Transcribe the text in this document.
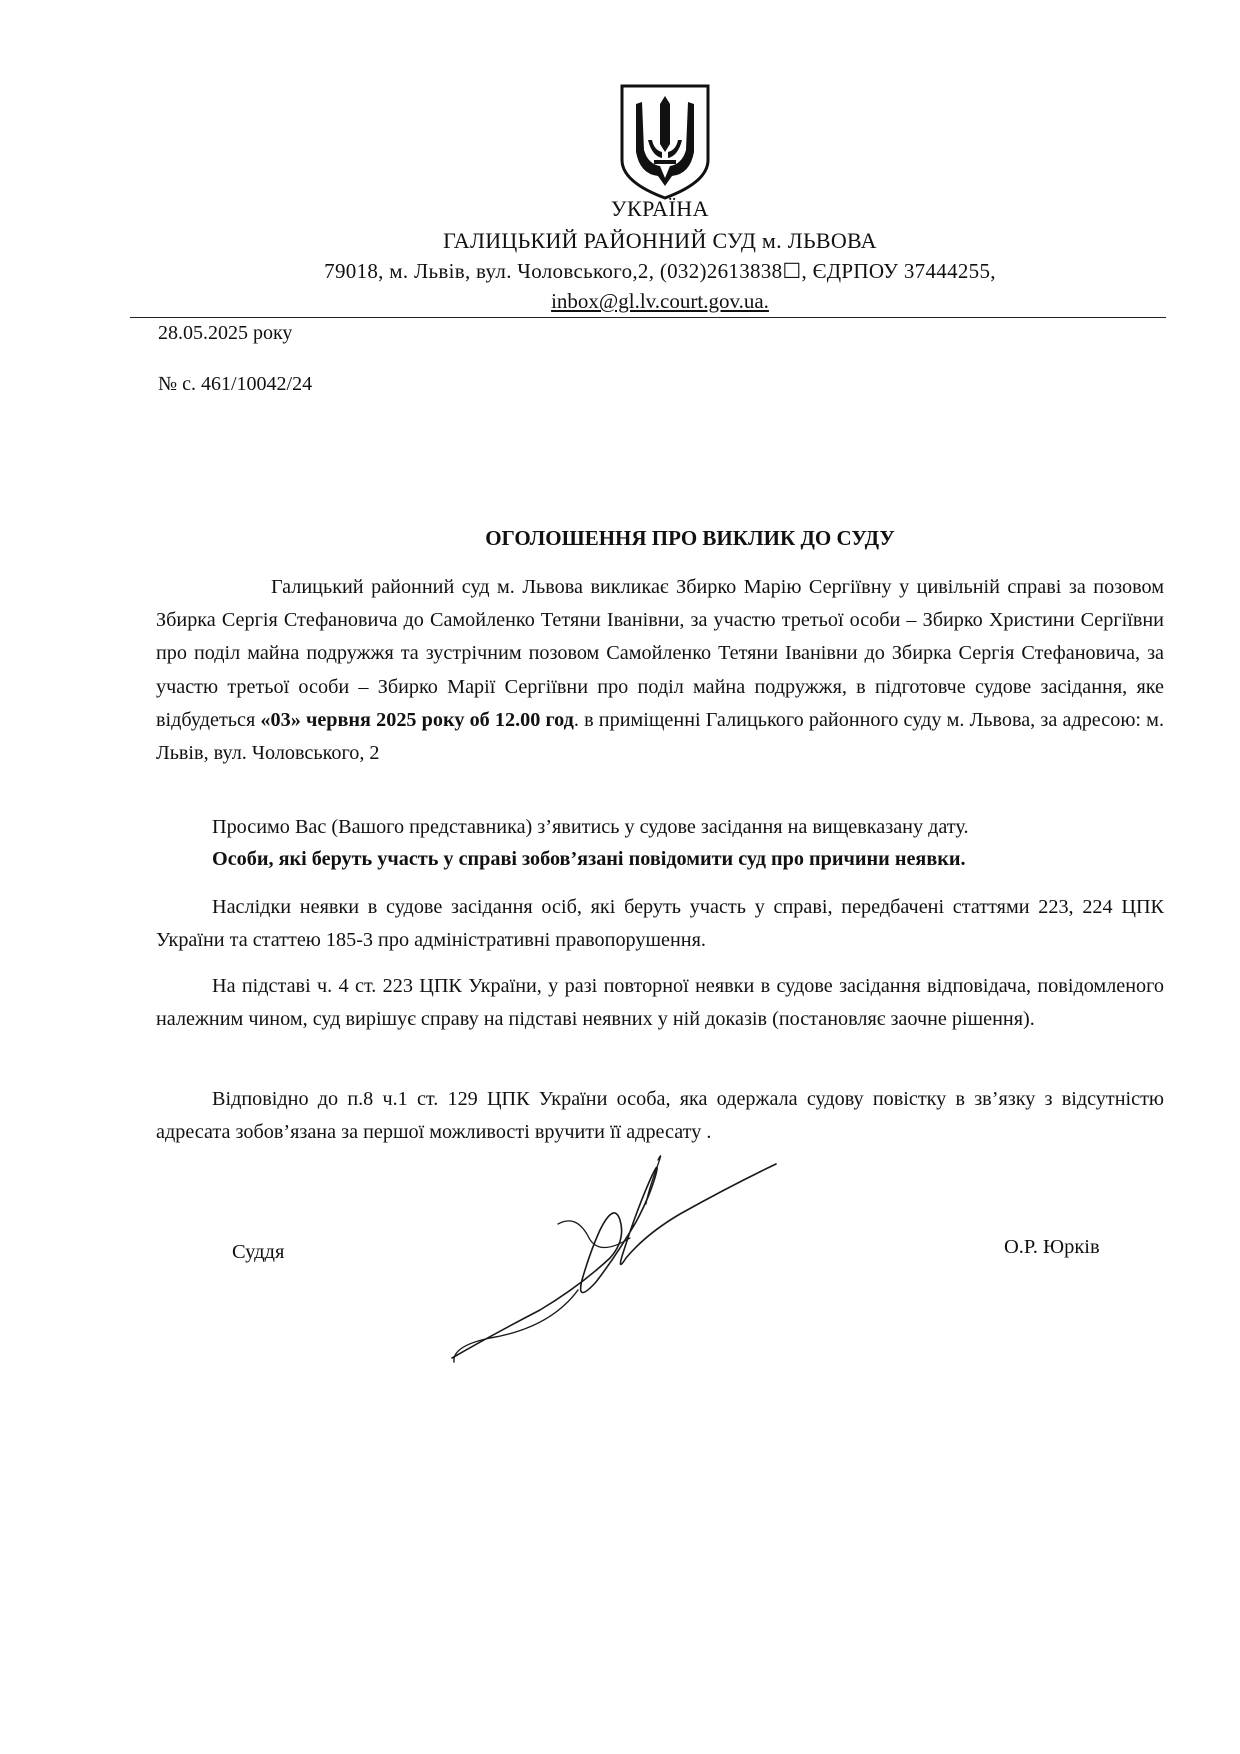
УКРАЇНА
ГАЛИЦЬКИЙ РАЙОННИЙ СУД м. ЛЬВОВА
79018, м. Львів, вул. Чоловського,2, (032)2613838☐, ЄДРПОУ 37444255,
inbox@gl.lv.court.gov.ua.
28.05.2025 року
№ с. 461/10042/24
ОГОЛОШЕННЯ ПРО ВИКЛИК ДО СУДУ
Галицький районний суд м. Львова викликає Збирко Марію Сергіївну у цивільній справі за позовом Збирка Сергія Стефановича до Самойленко Тетяни Іванівни, за участю третьої особи – Збирко Христини Сергіївни про поділ майна подружжя та зустрічним позовом Самойленко Тетяни Іванівни до Збирка Сергія Стефановича, за участю третьої особи – Збирко Марії Сергіївни про поділ майна подружжя, в підготовче судове засідання, яке відбудеться «03» червня 2025 року об 12.00 год. в приміщенні Галицького районного суду м. Львова, за адресою: м. Львів, вул. Чоловського, 2
Просимо Вас (Вашого представника) з’явитись у судове засідання на вищевказану дату.
Особи, які беруть участь у справі зобов’язані повідомити суд про причини неявки.
Наслідки неявки в судове засідання осіб, які беруть участь у справі, передбачені статтями 223, 224 ЦПК України та статтею 185-3 про адміністративні правопорушення.
На підставі ч. 4 ст. 223 ЦПК України, у разі повторної неявки в судове засідання відповідача, повідомленого належним чином, суд вирішує справу на підставі неявних у ній доказів (постановляє заочне рішення).
Відповідно до п.8 ч.1 ст. 129 ЦПК України особа, яка одержала судову повістку в зв’язку з відсутністю адресата зобов’язана за першої можливості вручити її адресату .
Суддя	О.Р. Юрків
